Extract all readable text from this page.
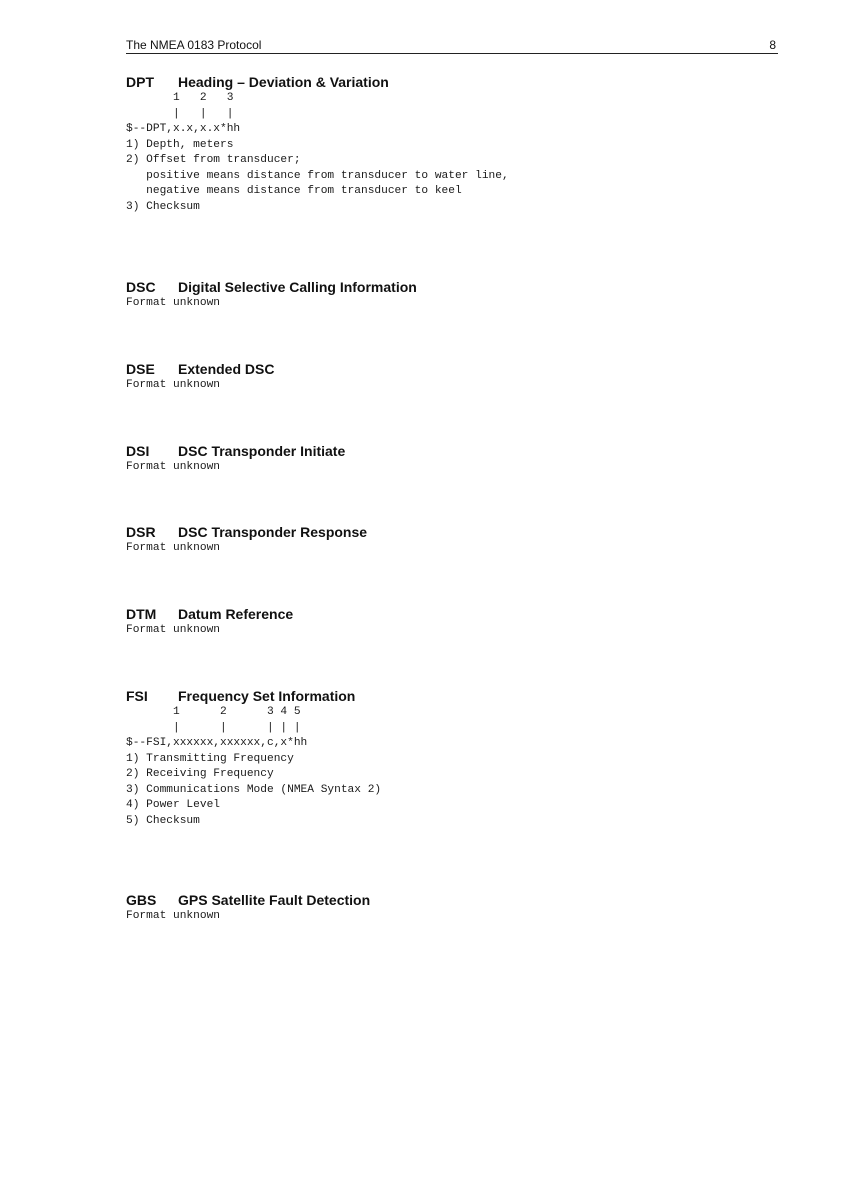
The NMEA 0183 Protocol	8
DPT Heading – Deviation & Variation
1   2   3
|   |   |
$--DPT,x.x,x.x*hh
1) Depth, meters
2) Offset from transducer;
positive means distance from transducer to water line,
negative means distance from transducer to keel
3) Checksum
DSC Digital Selective Calling Information
Format unknown
DSE Extended DSC
Format unknown
DSI DSC Transponder Initiate
Format unknown
DSR DSC Transponder Response
Format unknown
DTM Datum Reference
Format unknown
FSI Frequency Set Information
1      2      3 4 5
|      |      | | |
$--FSI,xxxxxx,xxxxxx,c,x*hh
1) Transmitting Frequency
2) Receiving Frequency
3) Communications Mode (NMEA Syntax 2)
4) Power Level
5) Checksum
GBS GPS Satellite Fault Detection
Format unknown
